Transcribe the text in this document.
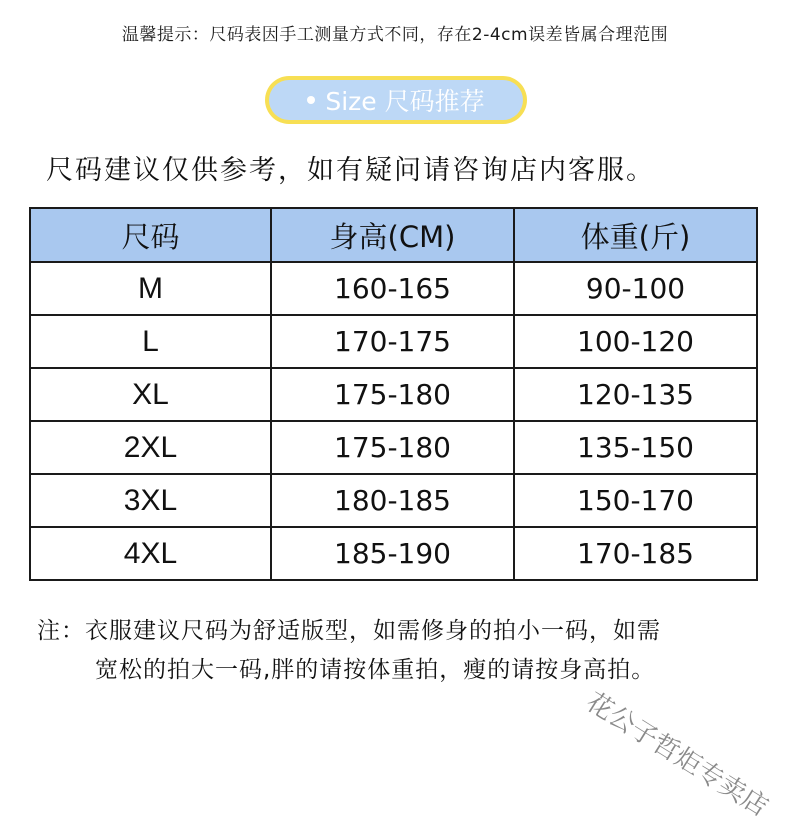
温馨提示：尺码表因手工测量方式不同，存在2-4cm误差皆属合理范围
Size 尺码推荐
尺码建议仅供参考，如有疑问请咨询店内客服。
尺码	身高(CM)	体重(斤)
M	160-165	90-100
L	170-175	100-120
XL	175-180	120-135
2XL	175-180	135-150
3XL	180-185	150-170
4XL	185-190	170-185
注：衣服建议尺码为舒适版型，如需修身的拍小一码，如需
宽松的拍大一码,胖的请按体重拍，瘦的请按身高拍。
花公子哲炬专卖店
